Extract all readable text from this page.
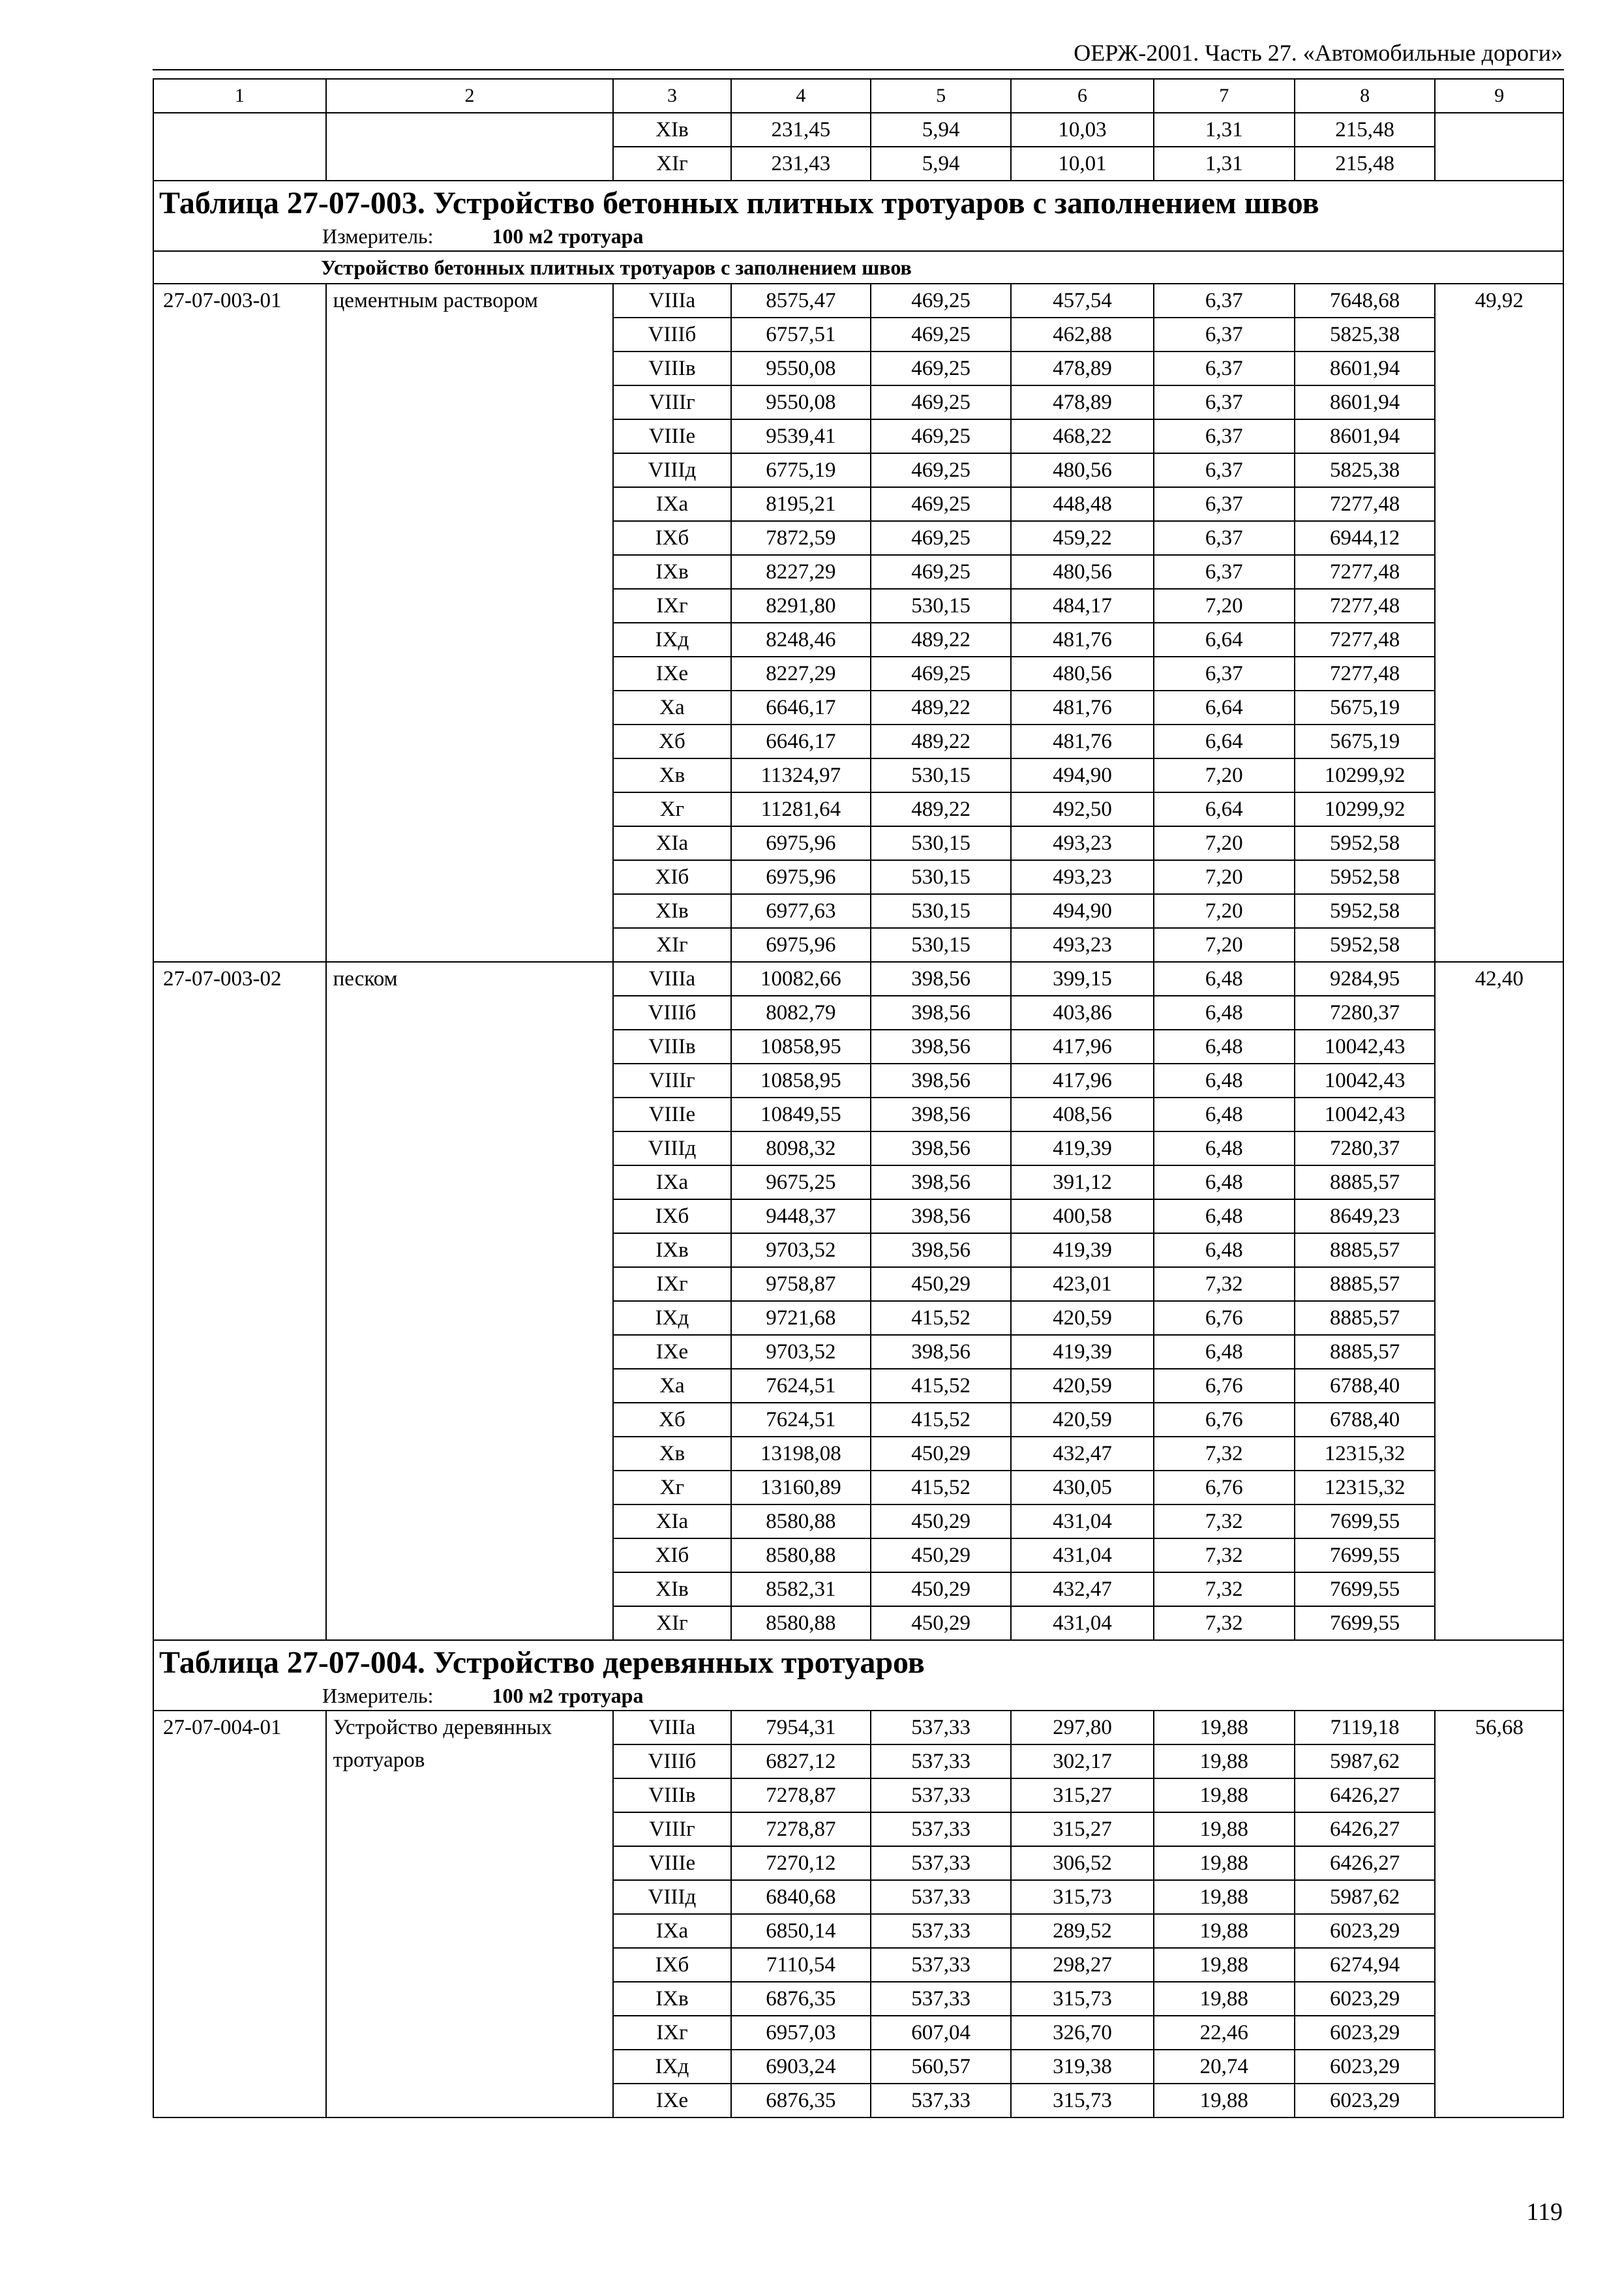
ОЕРЖ-2001. Часть 27. «Автомобильные дороги»
1	2	3	4	5	6	7	8	9
		XIв	231,45	5,94	10,03	1,31	215,48	
		XIг	231,43	5,94	10,01	1,31	215,48	

Таблица 27-07-003. Устройство бетонных плитных тротуаров с заполнением швов
Измеритель: 100 м2 тротуара								

Устройство бетонных плитных тротуаров с заполнением швов								
27-07-003-01	цементным раствором	VIIIа	8575,47	469,25	457,54	6,37	7648,68	49,92
		VIIIб	6757,51	469,25	462,88	6,37	5825,38	
		VIIIв	9550,08	469,25	478,89	6,37	8601,94	
		VIIIг	9550,08	469,25	478,89	6,37	8601,94	
		VIIIе	9539,41	469,25	468,22	6,37	8601,94	
		VIIIд	6775,19	469,25	480,56	6,37	5825,38	
		IXа	8195,21	469,25	448,48	6,37	7277,48	
		IXб	7872,59	469,25	459,22	6,37	6944,12	
		IXв	8227,29	469,25	480,56	6,37	7277,48	
		IXг	8291,80	530,15	484,17	7,20	7277,48	
		IXд	8248,46	489,22	481,76	6,64	7277,48	
		IXе	8227,29	469,25	480,56	6,37	7277,48	
		Xа	6646,17	489,22	481,76	6,64	5675,19	
		Xб	6646,17	489,22	481,76	6,64	5675,19	
		Xв	11324,97	530,15	494,90	7,20	10299,92	
		Xг	11281,64	489,22	492,50	6,64	10299,92	
		XIа	6975,96	530,15	493,23	7,20	5952,58	
		XIб	6975,96	530,15	493,23	7,20	5952,58	
		XIв	6977,63	530,15	494,90	7,20	5952,58	
		XIг	6975,96	530,15	493,23	7,20	5952,58	
27-07-003-02	песком	VIIIа	10082,66	398,56	399,15	6,48	9284,95	42,40
		VIIIб	8082,79	398,56	403,86	6,48	7280,37	
		VIIIв	10858,95	398,56	417,96	6,48	10042,43	
		VIIIг	10858,95	398,56	417,96	6,48	10042,43	
		VIIIе	10849,55	398,56	408,56	6,48	10042,43	
		VIIIд	8098,32	398,56	419,39	6,48	7280,37	
		IXа	9675,25	398,56	391,12	6,48	8885,57	
		IXб	9448,37	398,56	400,58	6,48	8649,23	
		IXв	9703,52	398,56	419,39	6,48	8885,57	
		IXг	9758,87	450,29	423,01	7,32	8885,57	
		IXд	9721,68	415,52	420,59	6,76	8885,57	
		IXе	9703,52	398,56	419,39	6,48	8885,57	
		Xа	7624,51	415,52	420,59	6,76	6788,40	
		Xб	7624,51	415,52	420,59	6,76	6788,40	
		Xв	13198,08	450,29	432,47	7,32	12315,32	
		Xг	13160,89	415,52	430,05	6,76	12315,32	
		XIа	8580,88	450,29	431,04	7,32	7699,55	
		XIб	8580,88	450,29	431,04	7,32	7699,55	
		XIв	8582,31	450,29	432,47	7,32	7699,55	
		XIг	8580,88	450,29	431,04	7,32	7699,55	

Таблица 27-07-004. Устройство деревянных тротуаров
Измеритель: 100 м2 тротуара								

27-07-004-01	Устройство деревянных тротуаров	VIIIа	7954,31	537,33	297,80	19,88	7119,18	56,68
		VIIIб	6827,12	537,33	302,17	19,88	5987,62	
		VIIIв	7278,87	537,33	315,27	19,88	6426,27	
		VIIIг	7278,87	537,33	315,27	19,88	6426,27	
		VIIIе	7270,12	537,33	306,52	19,88	6426,27	
		VIIIд	6840,68	537,33	315,73	19,88	5987,62	
		IXа	6850,14	537,33	289,52	19,88	6023,29	
		IXб	7110,54	537,33	298,27	19,88	6274,94	
		IXв	6876,35	537,33	315,73	19,88	6023,29	
		IXг	6957,03	607,04	326,70	22,46	6023,29	
		IXд	6903,24	560,57	319,38	20,74	6023,29	
		IXе	6876,35	537,33	315,73	19,88	6023,29	
119
